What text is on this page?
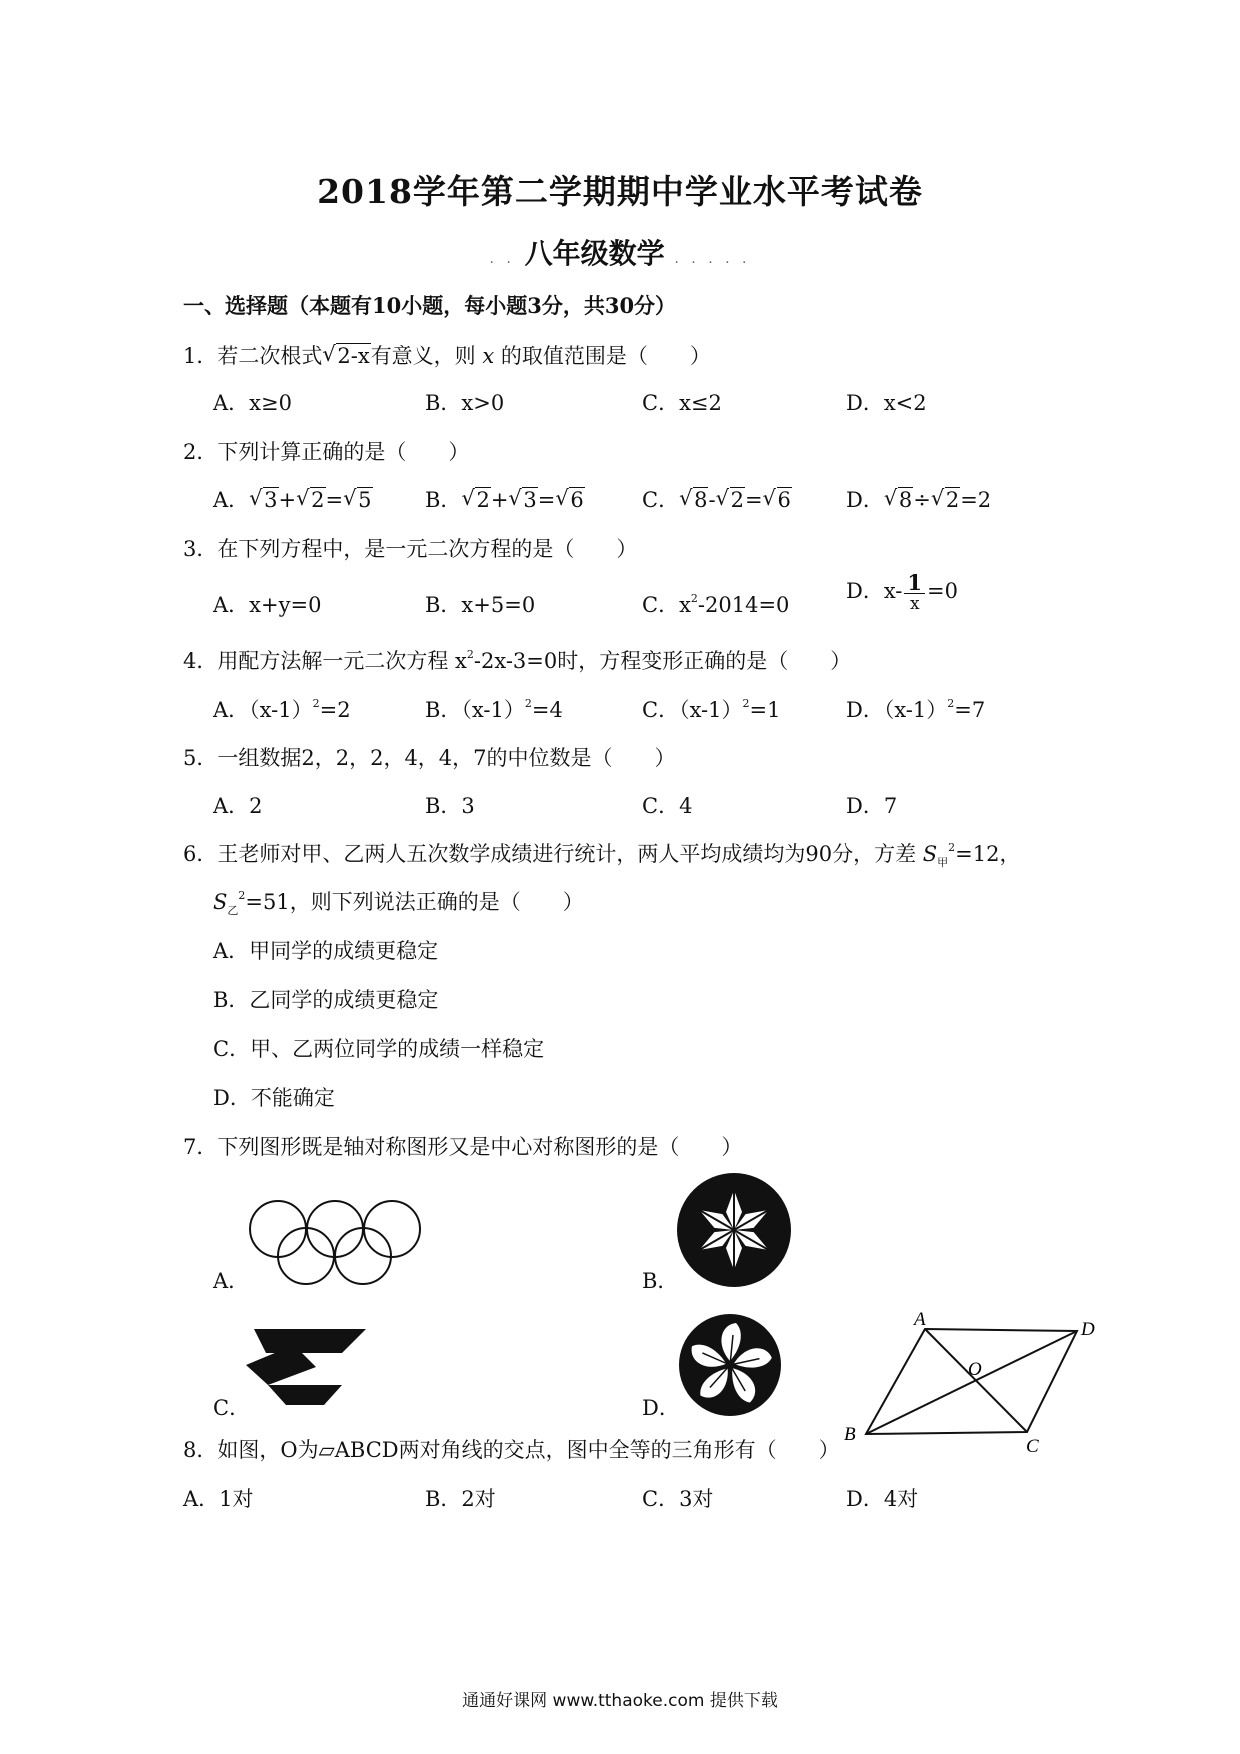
2018学年第二学期期中学业水平考试卷
. . 八年级数学 . . . . .
一、选择题（本题有10小题，每小题3分，共30分）
1．若二次根式 √ 2-x有意义，则 x 的取值范围是（　　）
A．x≥0	B．x>0	C．x≤2	D．x<2
2．下列计算正确的是（　　）
A． √ 3+ √ 2= √ 5	B． √ 2+ √ 3= √ 6	C． √ 8- √ 2= √ 6	D． √ 8÷ √ 2=2
3．在下列方程中，是一元二次方程的是（　　）
A．x+y=0	B．x+5=0	C．$x^2-2014=0$
D．$x- \frac{1}{x} =0$
4．用配方法解一元二次方程 $x^2-2x-3=0$时，方程变形正确的是（　　）
A．$(x-1)^2=2$	B．$(x-1)^2=4$	C．$(x-1)^2=1$	D．$(x-1)^2=7$
5．一组数据2，2，2，4，4，7的中位数是（　　）
A．2	B．3	C．4	D．7
6．王老师对甲、乙两人五次数学成绩进行统计，两人平均成绩均为90分，方差 $S_甲^2=12$，
$S_乙^2=51$，则下列说法正确的是（　　）
A．甲同学的成绩更稳定
B．乙同学的成绩更稳定
C．甲、乙两位同学的成绩一样稳定
D．不能确定
7．下列图形既是轴对称图形又是中心对称图形的是（　　）
A．	B．
C．	D．
A	D
O
B
C
8．如图，O为▱ABCD两对角线的交点，图中全等的三角形有（　　）
A．1对	B．2对	C．3对	D．4对
通通好课网 www.tthaoke.com 提供下载
